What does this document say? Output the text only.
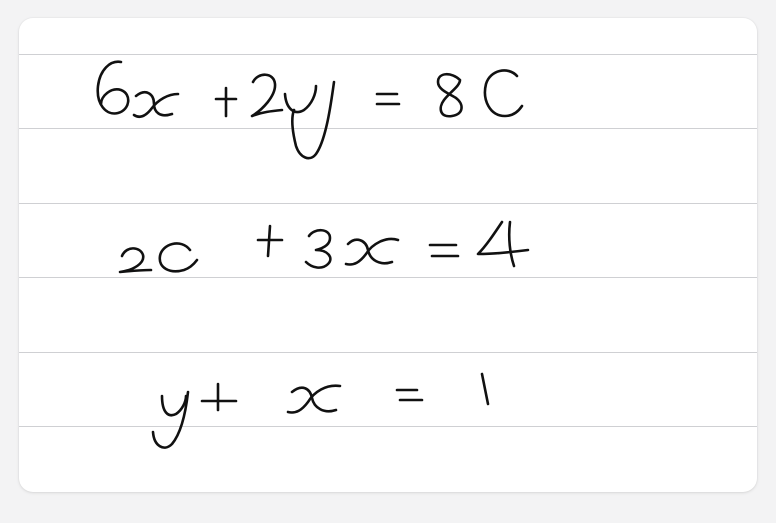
6x + 2y = 8c
2c + 3x = 4
y + x = 1
